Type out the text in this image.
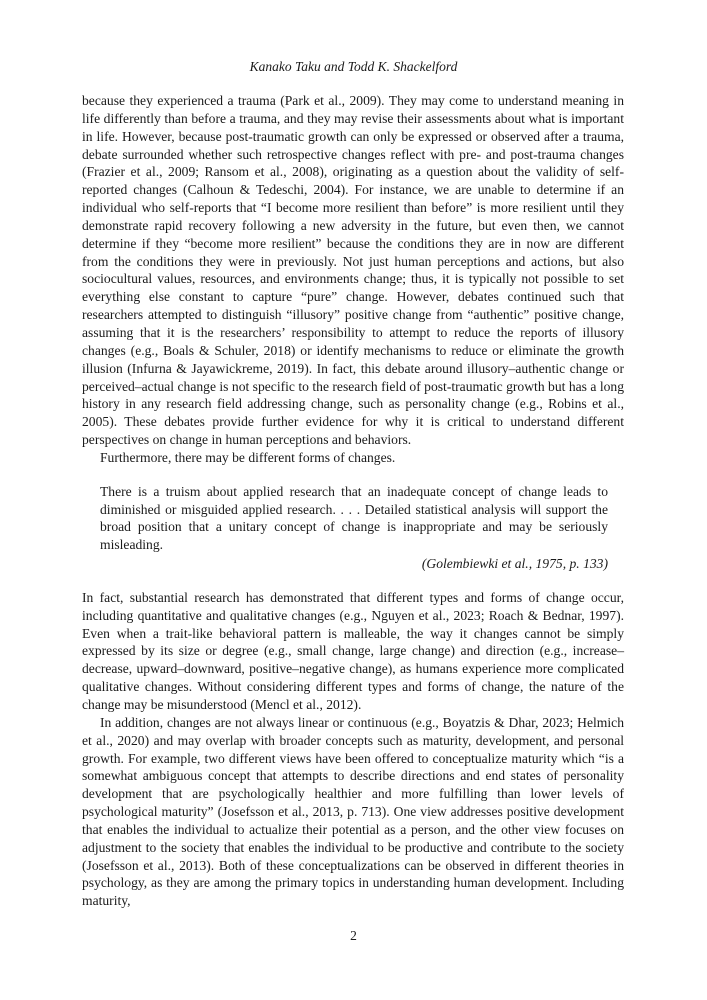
Kanako Taku and Todd K. Shackelford

because they experienced a trauma (Park et al., 2009). They may come to understand meaning in life differently than before a trauma, and they may revise their assessments about what is important in life. However, because post-traumatic growth can only be expressed or observed after a trauma, debate surrounded whether such retrospective changes reflect with pre- and post-trauma changes (Frazier et al., 2009; Ransom et al., 2008), originating as a question about the validity of self-reported changes (Calhoun & Tedeschi, 2004). For instance, we are unable to determine if an individual who self-reports that “I become more resilient than before” is more resilient until they demonstrate rapid recovery following a new adversity in the future, but even then, we cannot determine if they “become more resilient” because the conditions they are in now are different from the conditions they were in previously. Not just human perceptions and actions, but also sociocultural values, resources, and environments change; thus, it is typically not possible to set everything else constant to capture “pure” change. However, debates continued such that researchers attempted to distinguish “illusory” positive change from “authentic” positive change, assuming that it is the researchers’ responsibility to attempt to reduce the reports of illusory changes (e.g., Boals & Schuler, 2018) or identify mechanisms to reduce or eliminate the growth illusion (Infurna & Jayawickreme, 2019). In fact, this debate around illusory–authentic change or perceived–actual change is not specific to the research field of post-traumatic growth but has a long history in any research field addressing change, such as personality change (e.g., Robins et al., 2005). These debates provide further evidence for why it is critical to understand different perspectives on change in human perceptions and behaviors.

Furthermore, there may be different forms of changes.

There is a truism about applied research that an inadequate concept of change leads to diminished or misguided applied research. . . . Detailed statistical analysis will support the broad position that a unitary concept of change is inappropriate and may be seriously misleading.

(Golembiewki et al., 1975, p. 133)

In fact, substantial research has demonstrated that different types and forms of change occur, including quantitative and qualitative changes (e.g., Nguyen et al., 2023; Roach & Bednar, 1997). Even when a trait-like behavioral pattern is malleable, the way it changes cannot be simply expressed by its size or degree (e.g., small change, large change) and direction (e.g., increase–decrease, upward–downward, positive–negative change), as humans experience more complicated qualitative changes. Without considering different types and forms of change, the nature of the change may be misunderstood (Mencl et al., 2012).

In addition, changes are not always linear or continuous (e.g., Boyatzis & Dhar, 2023; Helmich et al., 2020) and may overlap with broader concepts such as maturity, development, and personal growth. For example, two different views have been offered to conceptualize maturity which “is a somewhat ambiguous concept that attempts to describe directions and end states of personality development that are psychologically healthier and more fulfilling than lower levels of psychological maturity” (Josefsson et al., 2013, p. 713). One view addresses positive development that enables the individual to actualize their potential as a person, and the other view focuses on adjustment to the society that enables the individual to be productive and contribute to the society (Josefsson et al., 2013). Both of these conceptualizations can be observed in different theories in psychology, as they are among the primary topics in understanding human development. Including maturity,

2
